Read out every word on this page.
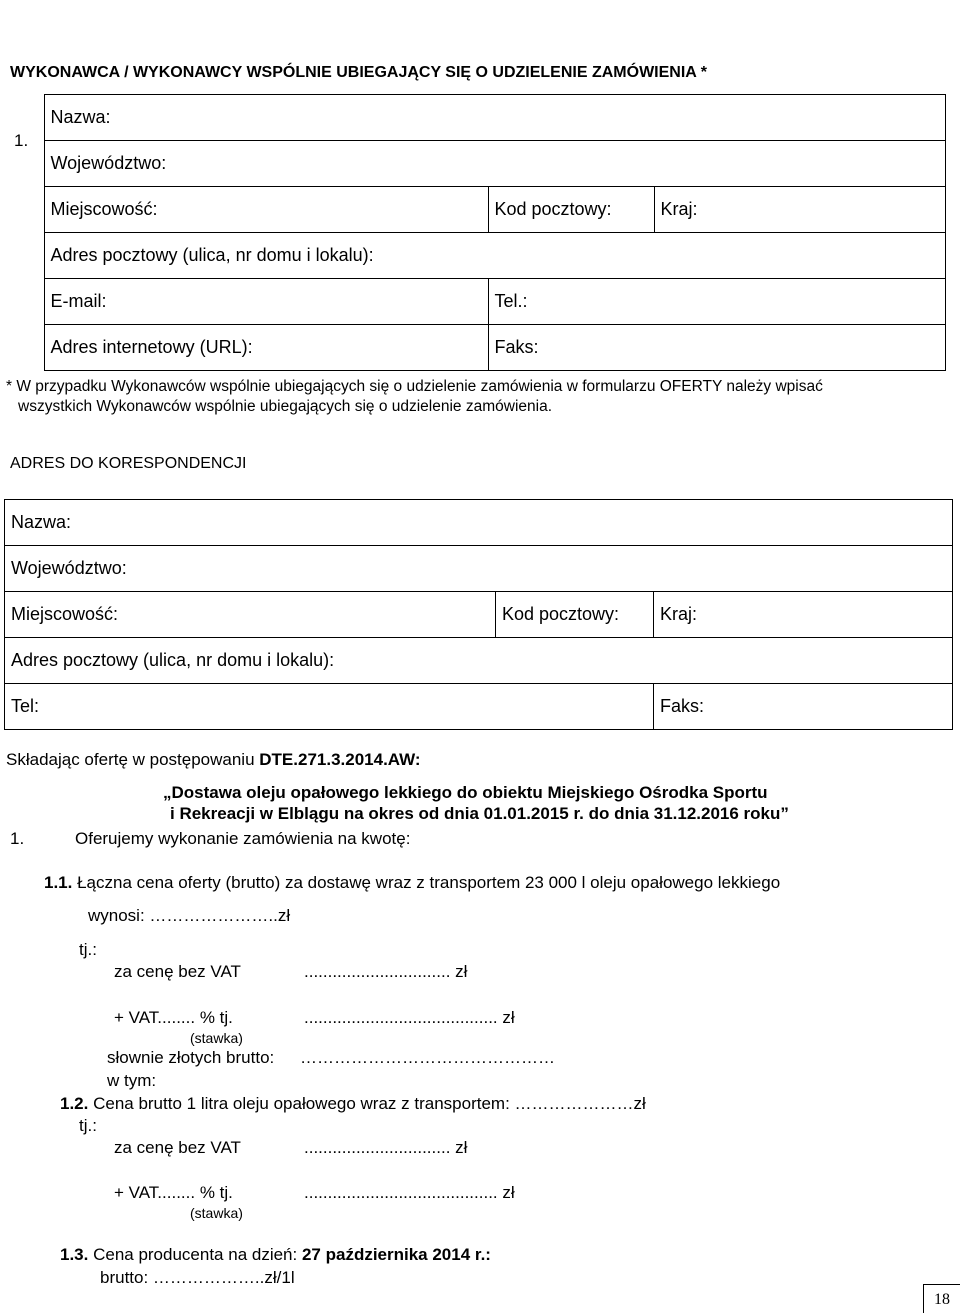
WYKONAWCA / WYKONAWCY WSPÓLNIE UBIEGAJĄCY SIĘ O UDZIELENIE ZAMÓWIENIA *
1.	Nazwa:		
	Województwo:		
	Miejscowość:	Kod pocztowy:	Kraj:
	Adres pocztowy (ulica, nr domu i lokalu):		
	E-mail:	Tel.:	
	Adres internetowy (URL):	Faks:	
* W przypadku Wykonawców wspólnie ubiegających się o udzielenie zamówienia w formularzu OFERTY należy wpisać
wszystkich Wykonawców wspólnie ubiegających się o udzielenie zamówienia.
ADRES DO KORESPONDENCJI
Nazwa:		
Województwo:		
Miejscowość:	Kod pocztowy:	Kraj:
Adres pocztowy (ulica, nr domu i lokalu):		
Tel:		Faks:
Składając ofertę w postępowaniu DTE.271.3.2014.AW:
„Dostawa oleju opałowego lekkiego do obiektu Miejskiego Ośrodka Sportu
i Rekreacji w Elblągu na okres od dnia 01.01.2015 r. do dnia 31.12.2016 roku”
1.	Oferujemy wykonanie zamówienia na kwotę:
1.1. Łączna cena oferty (brutto) za dostawę wraz z transportem 23 000 l oleju opałowego lekkiego
wynosi: …………………..zł
tj.:
za cenę bez VAT	............................... zł
+ VAT........ % tj.	......................................... zł
(stawka)
słownie złotych brutto: ………………………………………
w tym:
1.2. Cena brutto 1 litra oleju opałowego wraz z transportem: …………………zł
tj.:
za cenę bez VAT	............................... zł
+ VAT........ % tj.	......................................... zł
(stawka)
1.3. Cena producenta na dzień: 27 października 2014 r.:
brutto: ………………..zł/1l
18
